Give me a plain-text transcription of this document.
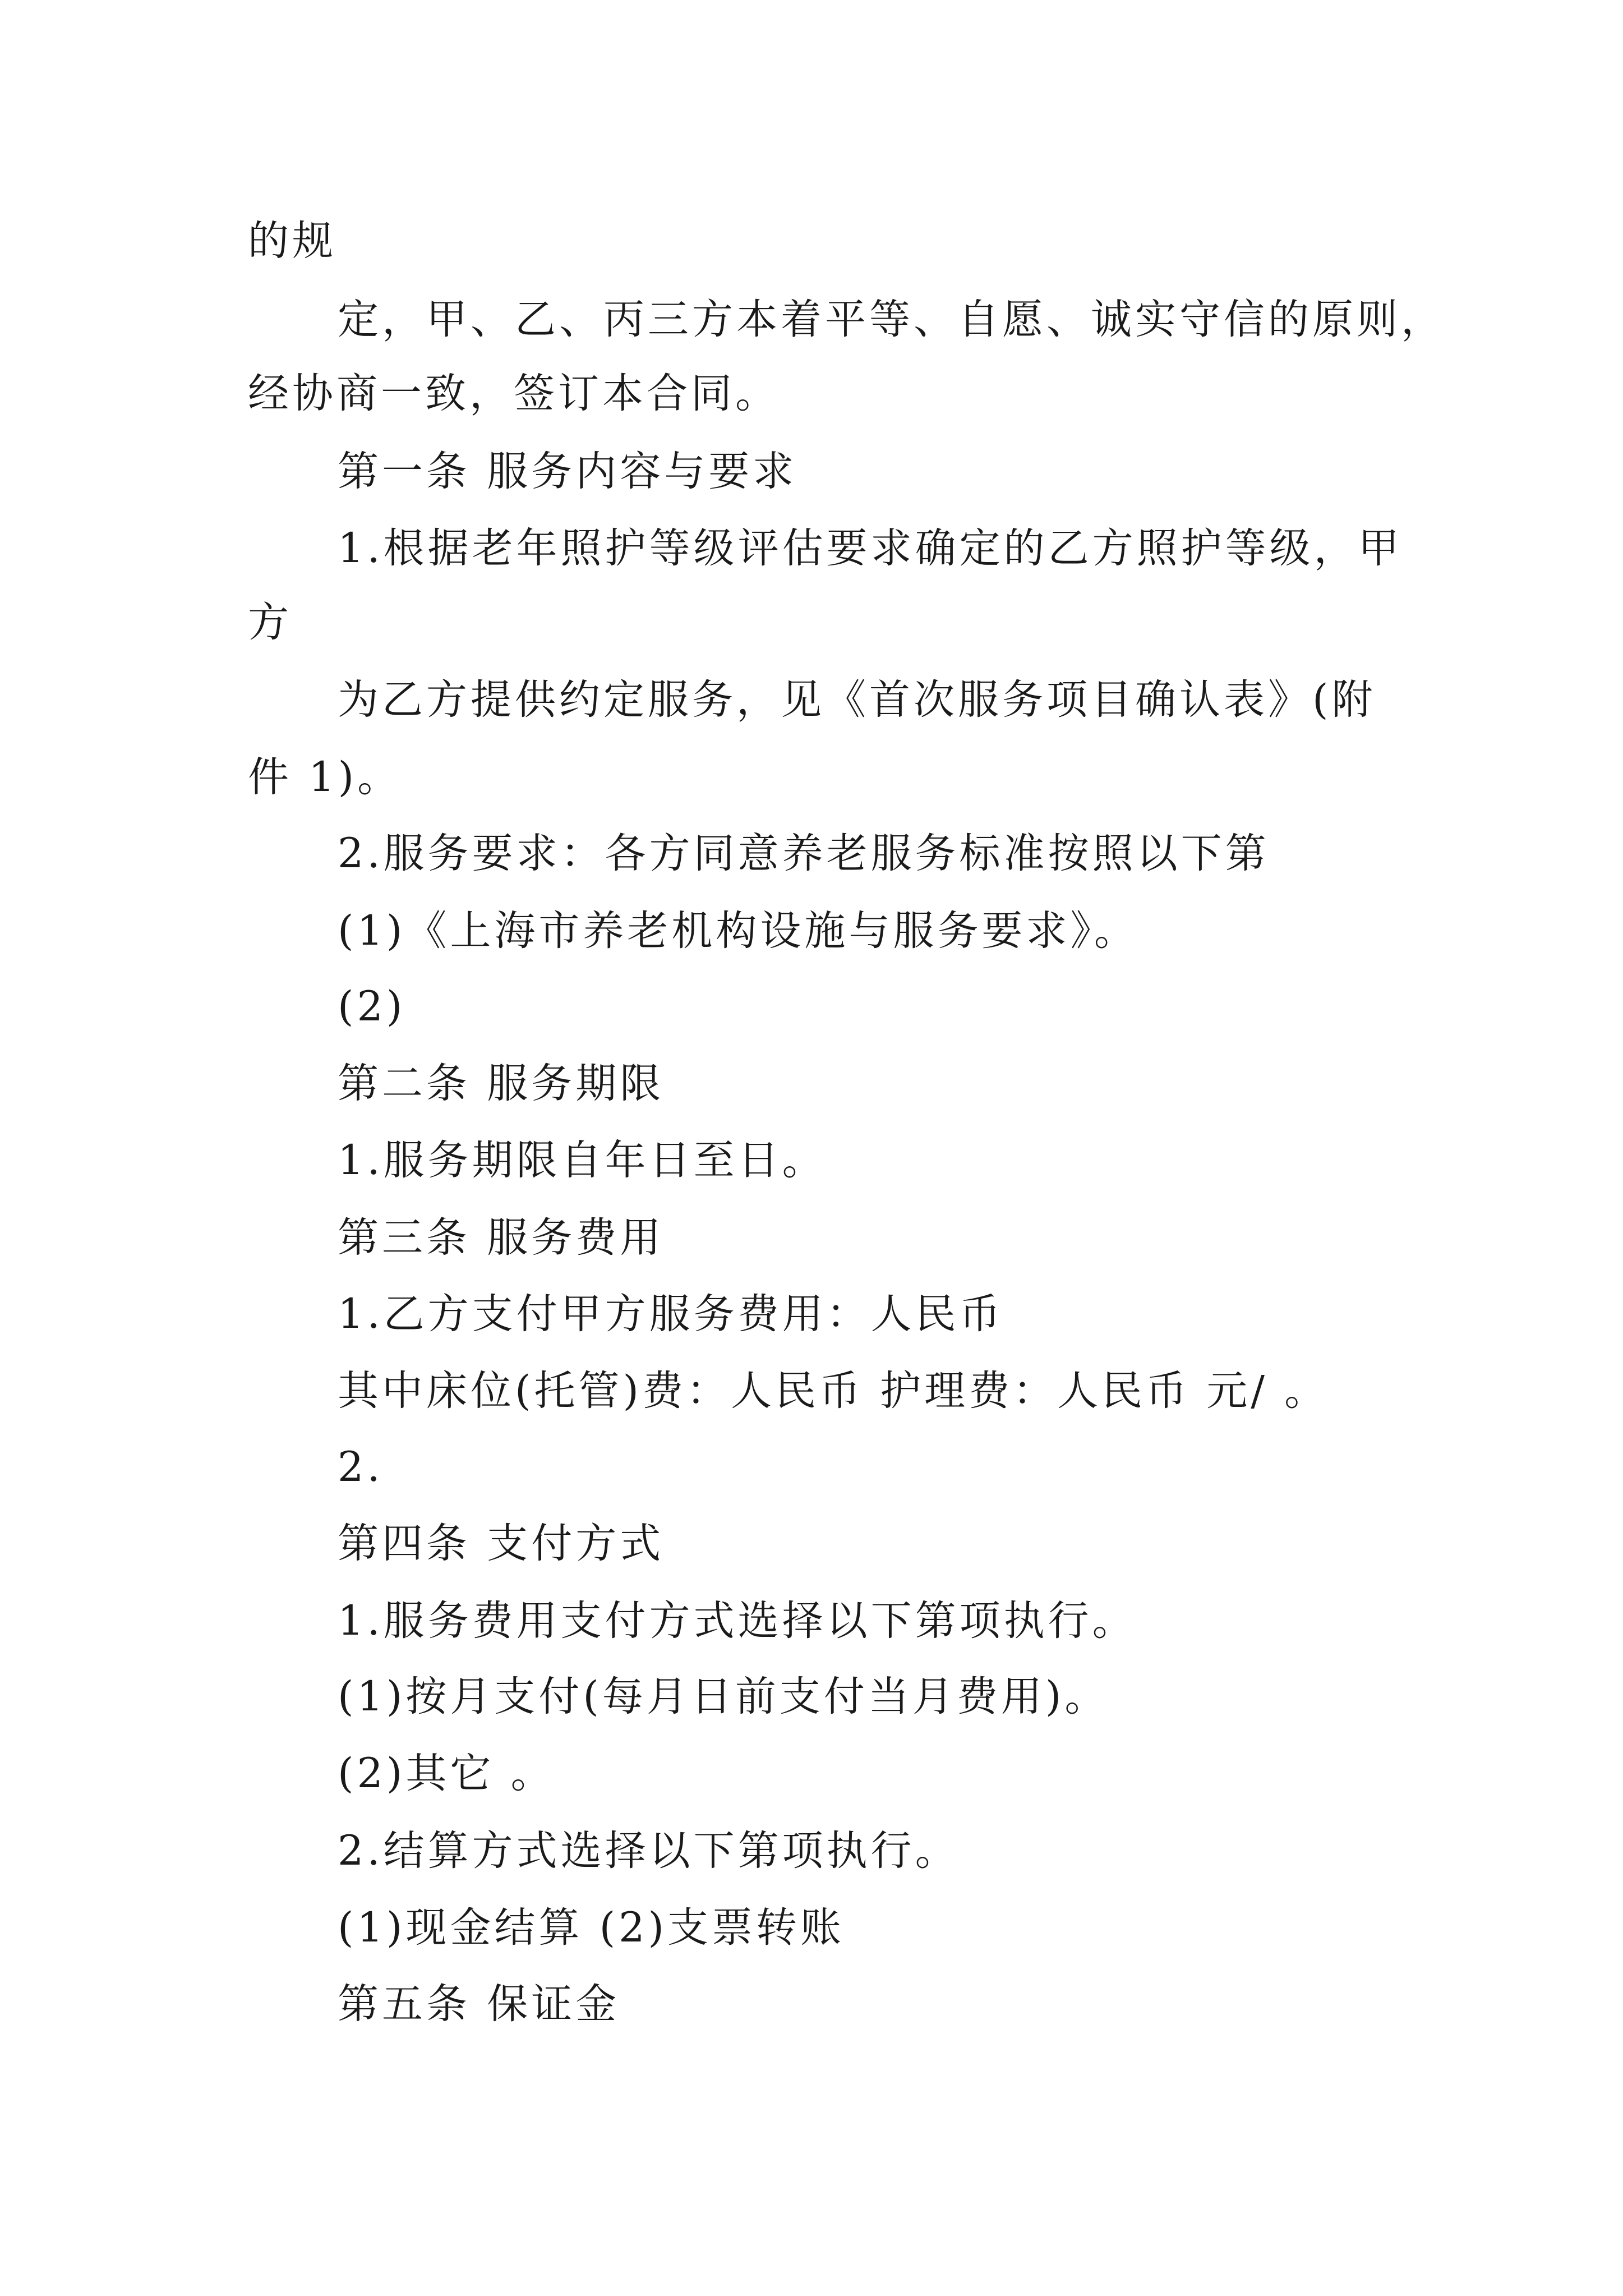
的规
定，甲、乙、丙三方本着平等、自愿、诚实守信的原则，
经协商一致，签订本合同。
第一条 服务内容与要求
1.根据老年照护等级评估要求确定的乙方照护等级，甲
方
为乙方提供约定服务，见《首次服务项目确认表》(附
件 1)。
2.服务要求：各方同意养老服务标准按照以下第
(1)《上海市养老机构设施与服务要求》。
(2)
第二条 服务期限
1.服务期限自年日至日。
第三条 服务费用
1.乙方支付甲方服务费用：人民币
其中床位(托管)费：人民币 护理费：人民币 元/ 。
2.
第四条 支付方式
1.服务费用支付方式选择以下第项执行。
(1)按月支付(每月日前支付当月费用)。
(2)其它 。
2.结算方式选择以下第项执行。
(1)现金结算 (2)支票转账
第五条 保证金
